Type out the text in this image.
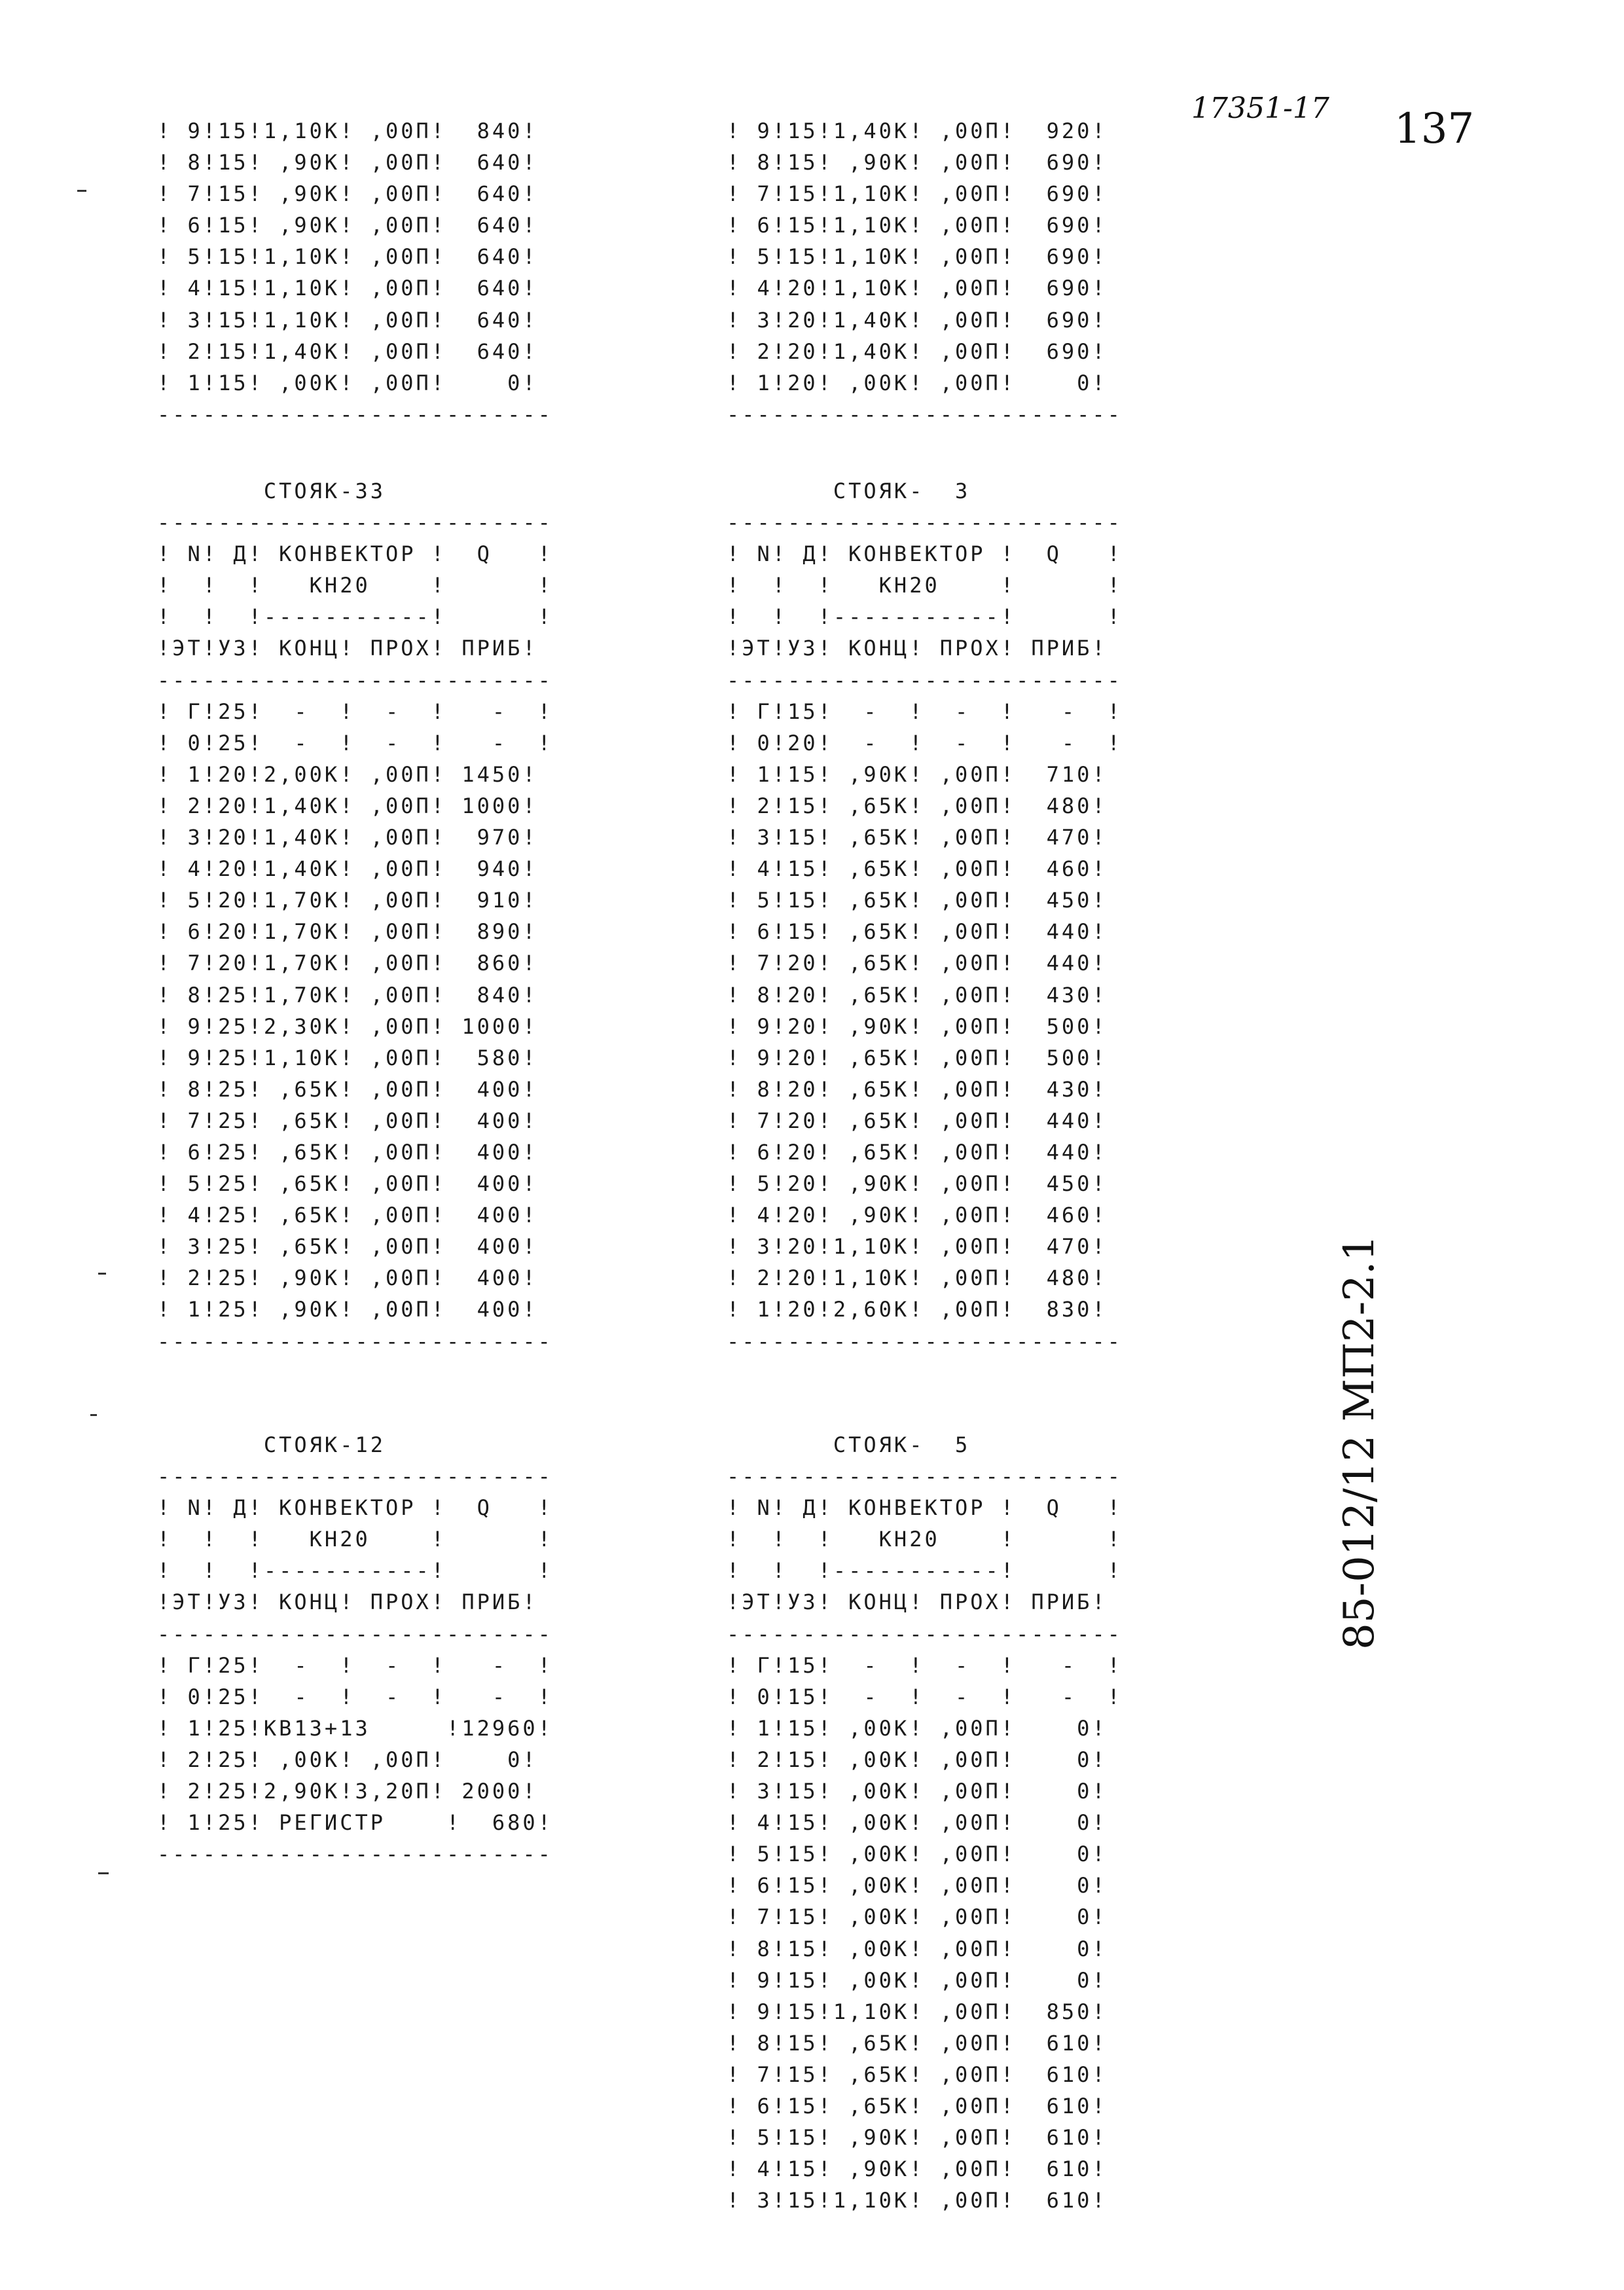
! 9!15!1,10К! ,00П!  840!
! 8!15! ,90К! ,00П!  640!
! 7!15! ,90К! ,00П!  640!
! 6!15! ,90К! ,00П!  640!
! 5!15!1,10К! ,00П!  640!
! 4!15!1,10К! ,00П!  640!
! 3!15!1,10К! ,00П!  640!
! 2!15!1,40К! ,00П!  640!
! 1!15! ,00К! ,00П!    0!
--------------------------
! 9!15!1,40К! ,00П!  920!
! 8!15! ,90К! ,00П!  690!
! 7!15!1,10К! ,00П!  690!
! 6!15!1,10К! ,00П!  690!
! 5!15!1,10К! ,00П!  690!
! 4!20!1,10К! ,00П!  690!
! 3!20!1,40К! ,00П!  690!
! 2!20!1,40К! ,00П!  690!
! 1!20! ,00К! ,00П!    0!
--------------------------
СТОЯК-33
--------------------------
! N! Д! КОНВЕКТОР !  Q   !
!  !  !   КН20    !      !
!  !  !-----------!      !
!ЭТ!УЗ! КОНЦ! ПРОХ! ПРИБ!
--------------------------
! Г!25!  -  !  -  !   -  !
! 0!25!  -  !  -  !   -  !
! 1!20!2,00К! ,00П! 1450!
! 2!20!1,40К! ,00П! 1000!
! 3!20!1,40К! ,00П!  970!
! 4!20!1,40К! ,00П!  940!
! 5!20!1,70К! ,00П!  910!
! 6!20!1,70К! ,00П!  890!
! 7!20!1,70К! ,00П!  860!
! 8!25!1,70К! ,00П!  840!
! 9!25!2,30К! ,00П! 1000!
! 9!25!1,10К! ,00П!  580!
! 8!25! ,65К! ,00П!  400!
! 7!25! ,65К! ,00П!  400!
! 6!25! ,65К! ,00П!  400!
! 5!25! ,65К! ,00П!  400!
! 4!25! ,65К! ,00П!  400!
! 3!25! ,65К! ,00П!  400!
! 2!25! ,90К! ,00П!  400!
! 1!25! ,90К! ,00П!  400!
--------------------------
СТОЯК-  3
--------------------------
! N! Д! КОНВЕКТОР !  Q   !
!  !  !   КН20    !      !
!  !  !-----------!      !
!ЭТ!УЗ! КОНЦ! ПРОХ! ПРИБ!
--------------------------
! Г!15!  -  !  -  !   -  !
! 0!20!  -  !  -  !   -  !
! 1!15! ,90К! ,00П!  710!
! 2!15! ,65К! ,00П!  480!
! 3!15! ,65К! ,00П!  470!
! 4!15! ,65К! ,00П!  460!
! 5!15! ,65К! ,00П!  450!
! 6!15! ,65К! ,00П!  440!
! 7!20! ,65К! ,00П!  440!
! 8!20! ,65К! ,00П!  430!
! 9!20! ,90К! ,00П!  500!
! 9!20! ,65К! ,00П!  500!
! 8!20! ,65К! ,00П!  430!
! 7!20! ,65К! ,00П!  440!
! 6!20! ,65К! ,00П!  440!
! 5!20! ,90К! ,00П!  450!
! 4!20! ,90К! ,00П!  460!
! 3!20!1,10К! ,00П!  470!
! 2!20!1,10К! ,00П!  480!
! 1!20!2,60К! ,00П!  830!
--------------------------
СТОЯК-12
--------------------------
! N! Д! КОНВЕКТОР !  Q   !
!  !  !   КН20    !      !
!  !  !-----------!      !
!ЭТ!УЗ! КОНЦ! ПРОХ! ПРИБ!
--------------------------
! Г!25!  -  !  -  !   -  !
! 0!25!  -  !  -  !   -  !
! 1!25!КВ13+13     !12960!
! 2!25! ,00К! ,00П!    0!
! 2!25!2,90К!3,20П! 2000!
! 1!25! РЕГИСТР    !  680!
--------------------------
СТОЯК-  5
--------------------------
! N! Д! КОНВЕКТОР !  Q   !
!  !  !   КН20    !      !
!  !  !-----------!      !
!ЭТ!УЗ! КОНЦ! ПРОХ! ПРИБ!
--------------------------
! Г!15!  -  !  -  !   -  !
! 0!15!  -  !  -  !   -  !
! 1!15! ,00К! ,00П!    0!
! 2!15! ,00К! ,00П!    0!
! 3!15! ,00К! ,00П!    0!
! 4!15! ,00К! ,00П!    0!
! 5!15! ,00К! ,00П!    0!
! 6!15! ,00К! ,00П!    0!
! 7!15! ,00К! ,00П!    0!
! 8!15! ,00К! ,00П!    0!
! 9!15! ,00К! ,00П!    0!
! 9!15!1,10К! ,00П!  850!
! 8!15! ,65К! ,00П!  610!
! 7!15! ,65К! ,00П!  610!
! 6!15! ,65К! ,00П!  610!
! 5!15! ,90К! ,00П!  610!
! 4!15! ,90К! ,00П!  610!
! 3!15!1,10К! ,00П!  610!
17351-17 137
85-012/12 МП2-2.1
